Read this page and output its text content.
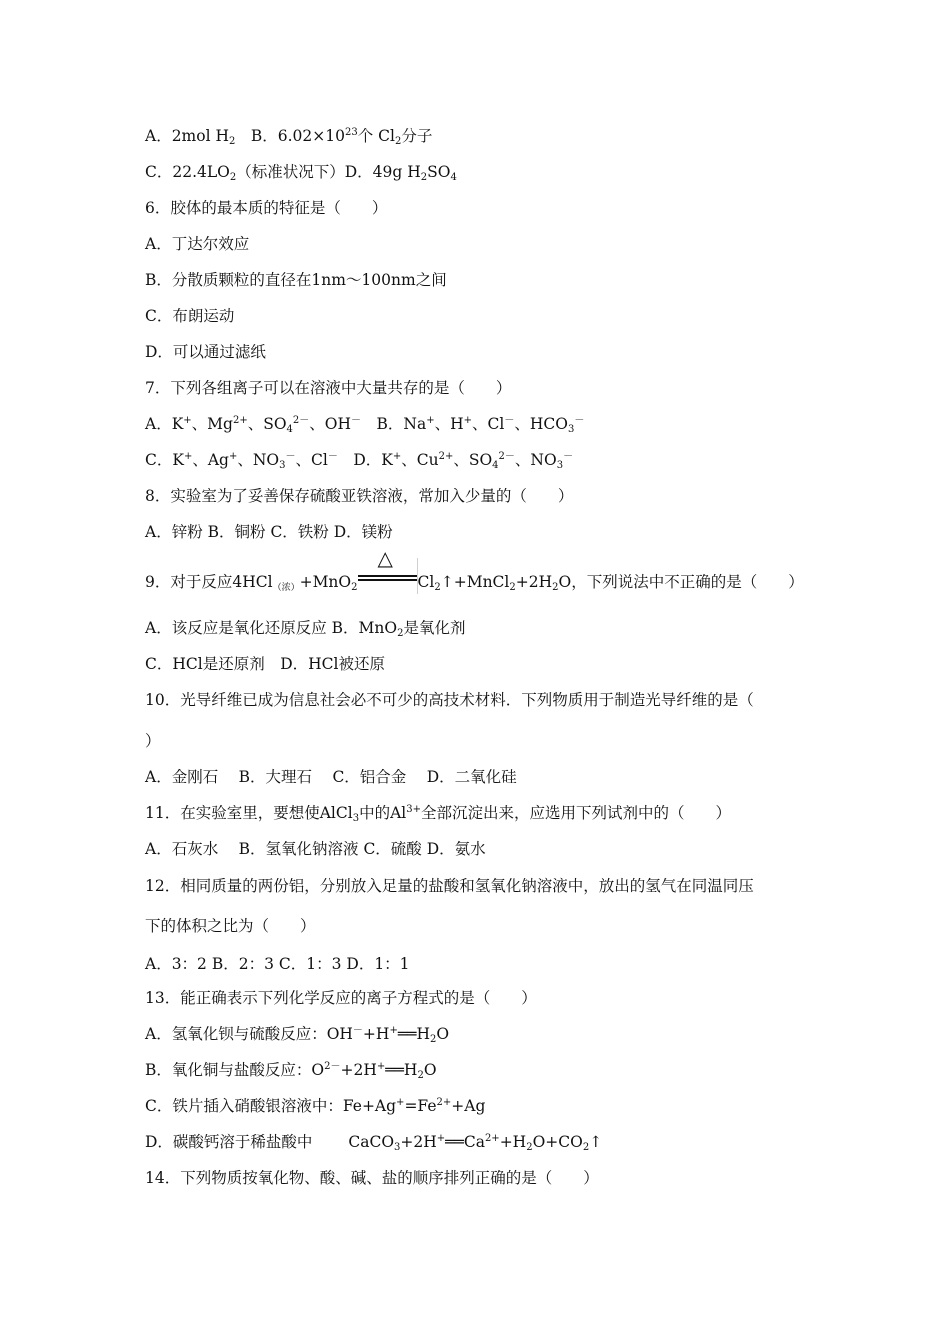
A．2mol $H_2$　B．$6.02\times 10^{23}$个 $Cl_2$分子
C．$22.4LO_2$（标准状况下）D．49g $H_2SO_4$
6．胶体的最本质的特征是（　　）
A．丁达尔效应
B．分散质颗粒的直径在1nm～100nm之间
C．布朗运动
D．可以通过滤纸
7．下列各组离子可以在溶液中大量共存的是（　　）
A．K+、$Mg^{2+}$、$SO_4^{2-}$、OH－　B．Na+、H+、Cl－、$HCO_3^-$
C．K+、Ag+、$NO_3^-$、Cl－　D．K+、$Cu^{2+}$、$SO_4^{2-}$、$NO_3^-$
8．实验室为了妥善保存硫酸亚铁溶液，常加入少量的（　　）
A．锌粉 B．铜粉 C．铁粉 D．镁粉
9．对于反应4HCl$_{(浓)}$+MnO$_2$
△
$Cl_2↑+MnCl_2+2H_2O$，下列说法中不正确的是（　　）
A．该反应是氧化还原反应 B．MnO$_2$是氧化剂
C．HCl是还原剂　D．HCl被还原
10．光导纤维已成为信息社会必不可少的高技术材料．下列物质用于制造光导纤维的是（
）
A．金刚石　 B．大理石　 C．铝合金　 D．二氧化硅
11．在实验室里，要想使AlCl$_3$中的$Al^{3+}$全部沉淀出来，应选用下列试剂中的（　　）
A．石灰水　 B．氢氧化钠溶液 C．硫酸 D．氨水
12．相同质量的两份铝，分别放入足量的盐酸和氢氧化钠溶液中，放出的氢气在同温同压
下的体积之比为（　　）
A．3：2 B．2：3 C．1：3 D．1：1
13．能正确表示下列化学反应的离子方程式的是（　　）
A．氢氧化钡与硫酸反应：$OH^-+H^+══H_2O$
B．氧化铜与盐酸反应：$O^{2-}+2H^+══H_2O$
C．铁片插入硝酸银溶液中：$Fe+Ag^+=Fe^{2+}+Ag$
D．碳酸钙溶于稀盐酸中　　 $CaCO_3+2H^+══Ca^{2+}+H_2O+CO_2↑$
14．下列物质按氧化物、酸、碱、盐的顺序排列正确的是（　　）
